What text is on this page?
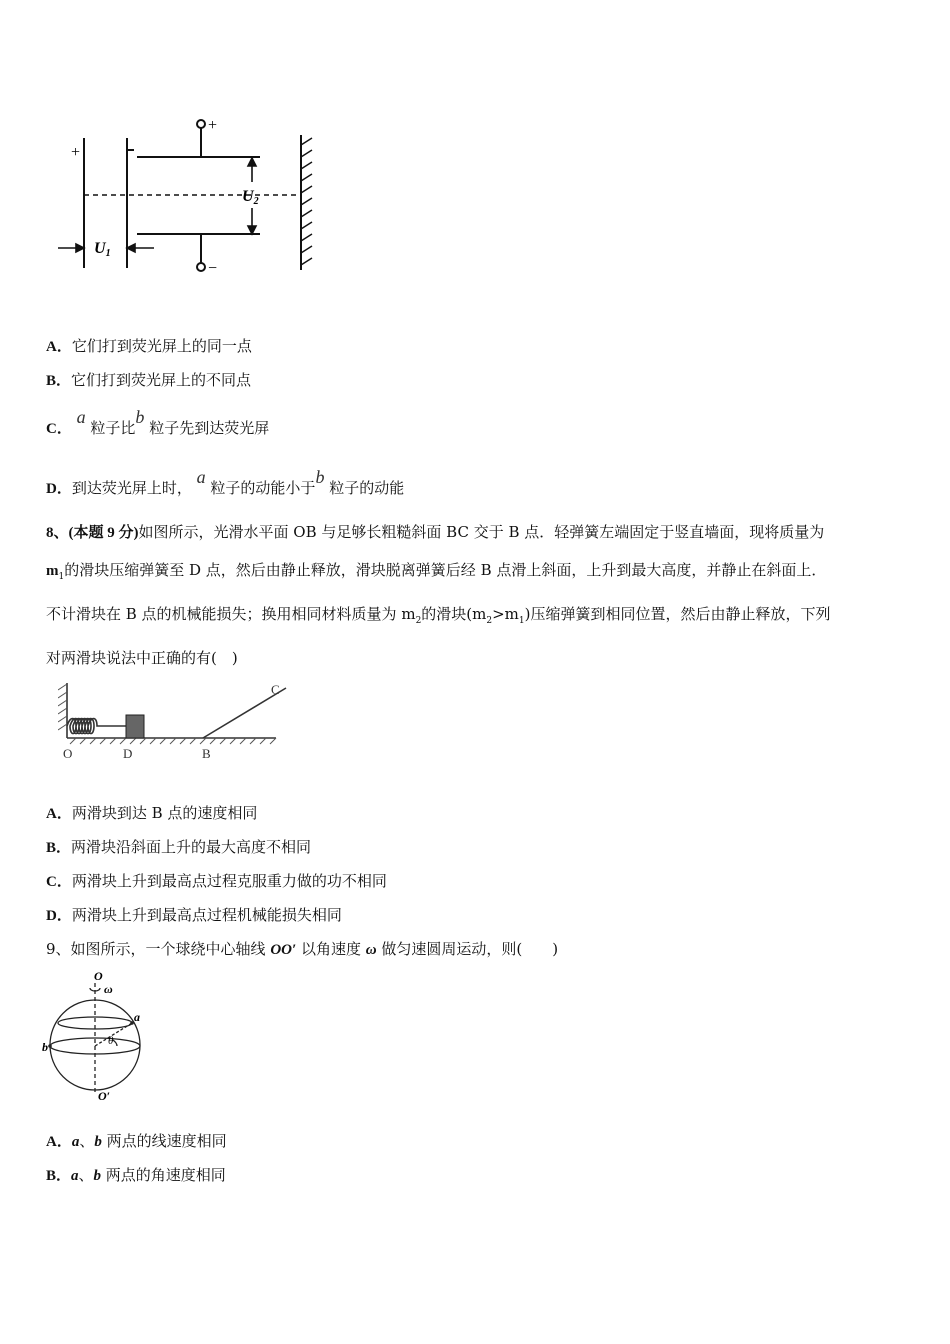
+
+
−
U2
U1
A．它们打到荧光屏上的同一点
B．它们打到荧光屏上的不同点
C． a 粒子比b 粒子先到达荧光屏
D．到达荧光屏上时， a 粒子的动能小于b 粒子的动能

8、(本题 9 分)如图所示，光滑水平面 OB 与足够长粗糙斜面 BC 交于 B 点．轻弹簧左端固定于竖直墙面，现将质量为

$m_1$的滑块压缩弹簧至 D 点，然后由静止释放，滑块脱离弹簧后经 B 点滑上斜面，上升到最大高度，并静止在斜面上．

不计滑块在 B 点的机械能损失；换用相同材料质量为 $m_2$的滑块$(m_2>m_1)$压缩弹簧到相同位置，然后由静止释放，下列

对两滑块说法中正确的有(　)

O	D	B
C
A．两滑块到达 B 点的速度相同
B．两滑块沿斜面上升的最大高度不相同
C．两滑块上升到最高点过程克服重力做的功不相同
D．两滑块上升到最高点过程机械能损失相同
9、如图所示，一个球绕中心轴线 OO′ 以角速度 ω 做匀速圆周运动，则(　　)
O
ω
a
θ
b
O′
A．a、b 两点的线速度相同
B．a、b 两点的角速度相同
